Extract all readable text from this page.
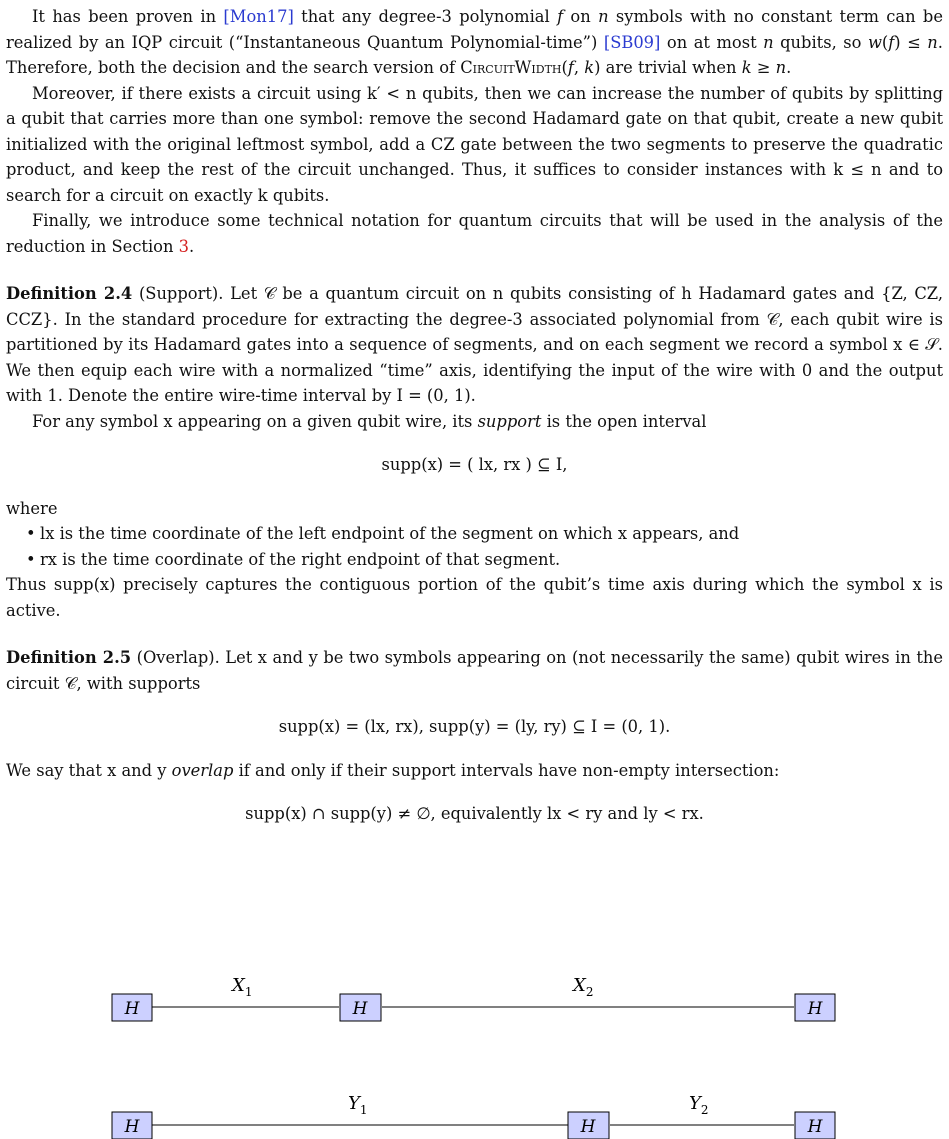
It has been proven in [Mon17] that any degree-3 polynomial f on n symbols with no constant term can be realized by an IQP circuit (“Instantaneous Quantum Polynomial-time”) [SB09] on at most n qubits, so w(f) ≤ n. Therefore, both the decision and the search version of CircuitWidth(f, k) are trivial when k ≥ n.

Moreover, if there exists a circuit using k′ < n qubits, then we can increase the number of qubits by splitting a qubit that carries more than one symbol: remove the second Hadamard gate on that qubit, create a new qubit initialized with the original leftmost symbol, add a CZ gate between the two segments to preserve the quadratic product, and keep the rest of the circuit unchanged. Thus, it suffices to consider instances with k ≤ n and to search for a circuit on exactly k qubits.

Finally, we introduce some technical notation for quantum circuits that will be used in the analysis of the reduction in Section 3.

Definition 2.4 (Support). Let 𝒞 be a quantum circuit on n qubits consisting of h Hadamard gates and {Z, CZ, CCZ}. In the standard procedure for extracting the degree-3 associated polynomial from 𝒞, each qubit wire is partitioned by its Hadamard gates into a sequence of segments, and on each segment we record a symbol x ∈ 𝒮. We then equip each wire with a normalized “time” axis, identifying the input of the wire with 0 and the output with 1. Denote the entire wire-time interval by I = (0, 1).

For any symbol x appearing on a given qubit wire, its support is the open interval

supp(x) = ( lx, rx ) ⊆ I,

where

• lx is the time coordinate of the left endpoint of the segment on which x appears, and
• rx is the time coordinate of the right endpoint of that segment.

Thus supp(x) precisely captures the contiguous portion of the qubit’s time axis during which the symbol x is active.

Definition 2.5 (Overlap). Let x and y be two symbols appearing on (not necessarily the same) qubit wires in the circuit 𝒞, with supports

supp(x) = (lx, rx), supp(y) = (ly, ry) ⊆ I = (0, 1).

We say that x and y overlap if and only if their support intervals have non-empty intersection:

supp(x) ∩ supp(y) ≠ ∅, equivalently lx < ry and ly < rx.
H	H	H
H	H	H
$X_1$	$X_2$
$Y_1$	$Y_2$
